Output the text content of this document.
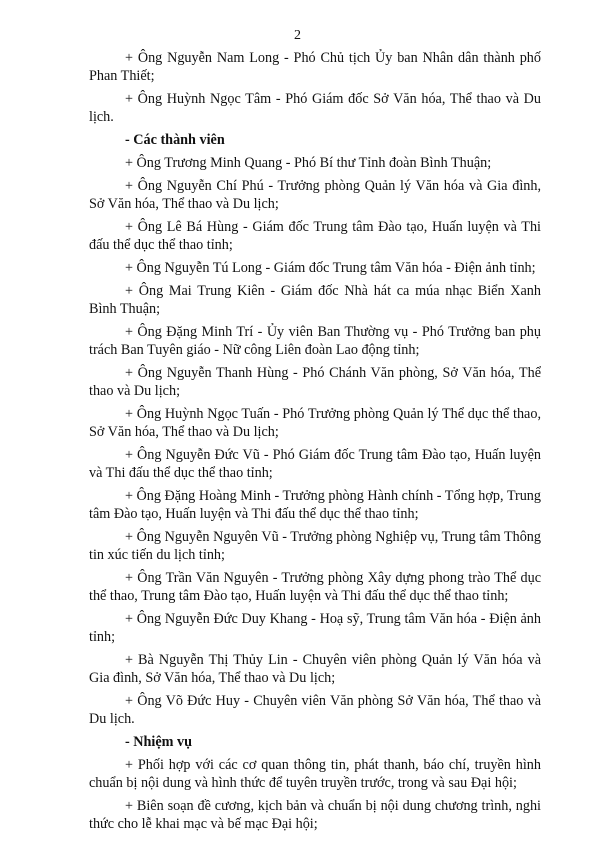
2

+ Ông Nguyễn Nam Long - Phó Chủ tịch Ủy ban Nhân dân thành phố Phan Thiết;

+ Ông Huỳnh Ngọc Tâm - Phó Giám đốc Sở Văn hóa, Thể thao và Du lịch.

- Các thành viên

+ Ông Trương Minh Quang - Phó Bí thư Tỉnh đoàn Bình Thuận;

+ Ông Nguyễn Chí Phú - Trưởng phòng Quản lý Văn hóa và Gia đình, Sở Văn hóa, Thể thao và Du lịch;

+ Ông Lê Bá Hùng - Giám đốc Trung tâm Đào tạo, Huấn luyện và Thi đấu thể dục thể thao tỉnh;

+ Ông Nguyễn Tú Long - Giám đốc Trung tâm Văn hóa - Điện ảnh tỉnh;

+ Ông Mai Trung Kiên - Giám đốc Nhà hát ca múa nhạc Biển Xanh Bình Thuận;

+ Ông Đặng Minh Trí - Ủy viên Ban Thường vụ - Phó Trưởng ban phụ trách Ban Tuyên giáo - Nữ công Liên đoàn Lao động tỉnh;

+ Ông Nguyễn Thanh Hùng - Phó Chánh Văn phòng, Sở Văn hóa, Thể thao và Du lịch;

+ Ông Huỳnh Ngọc Tuấn - Phó Trưởng phòng Quản lý Thể dục thể thao, Sở Văn hóa, Thể thao và Du lịch;

+ Ông Nguyễn Đức Vũ - Phó Giám đốc Trung tâm Đào tạo, Huấn luyện và Thi đấu thể dục thể thao tỉnh;

+ Ông Đặng Hoàng Minh - Trưởng phòng Hành chính - Tổng hợp, Trung tâm Đào tạo, Huấn luyện và Thi đấu thể dục thể thao tỉnh;

+ Ông Nguyễn Nguyên Vũ - Trưởng phòng Nghiệp vụ, Trung tâm Thông tin xúc tiến du lịch tỉnh;

+ Ông Trần Văn Nguyên - Trưởng phòng Xây dựng phong trào Thể dục thể thao, Trung tâm Đào tạo, Huấn luyện và Thi đấu thể dục thể thao tỉnh;

+ Ông Nguyễn Đức Duy Khang - Hoạ sỹ, Trung tâm Văn hóa - Điện ảnh tỉnh;

+ Bà Nguyễn Thị Thủy Lin - Chuyên viên phòng Quản lý Văn hóa và Gia đình, Sở Văn hóa, Thể thao và Du lịch;

+ Ông Võ Đức Huy - Chuyên viên Văn phòng Sở Văn hóa, Thể thao và Du lịch.

- Nhiệm vụ

+ Phối hợp với các cơ quan thông tin, phát thanh, báo chí, truyền hình chuẩn bị nội dung và hình thức để tuyên truyền trước, trong và sau Đại hội;

+ Biên soạn đề cương, kịch bản và chuẩn bị nội dung chương trình, nghi thức cho lễ khai mạc và bế mạc Đại hội;
